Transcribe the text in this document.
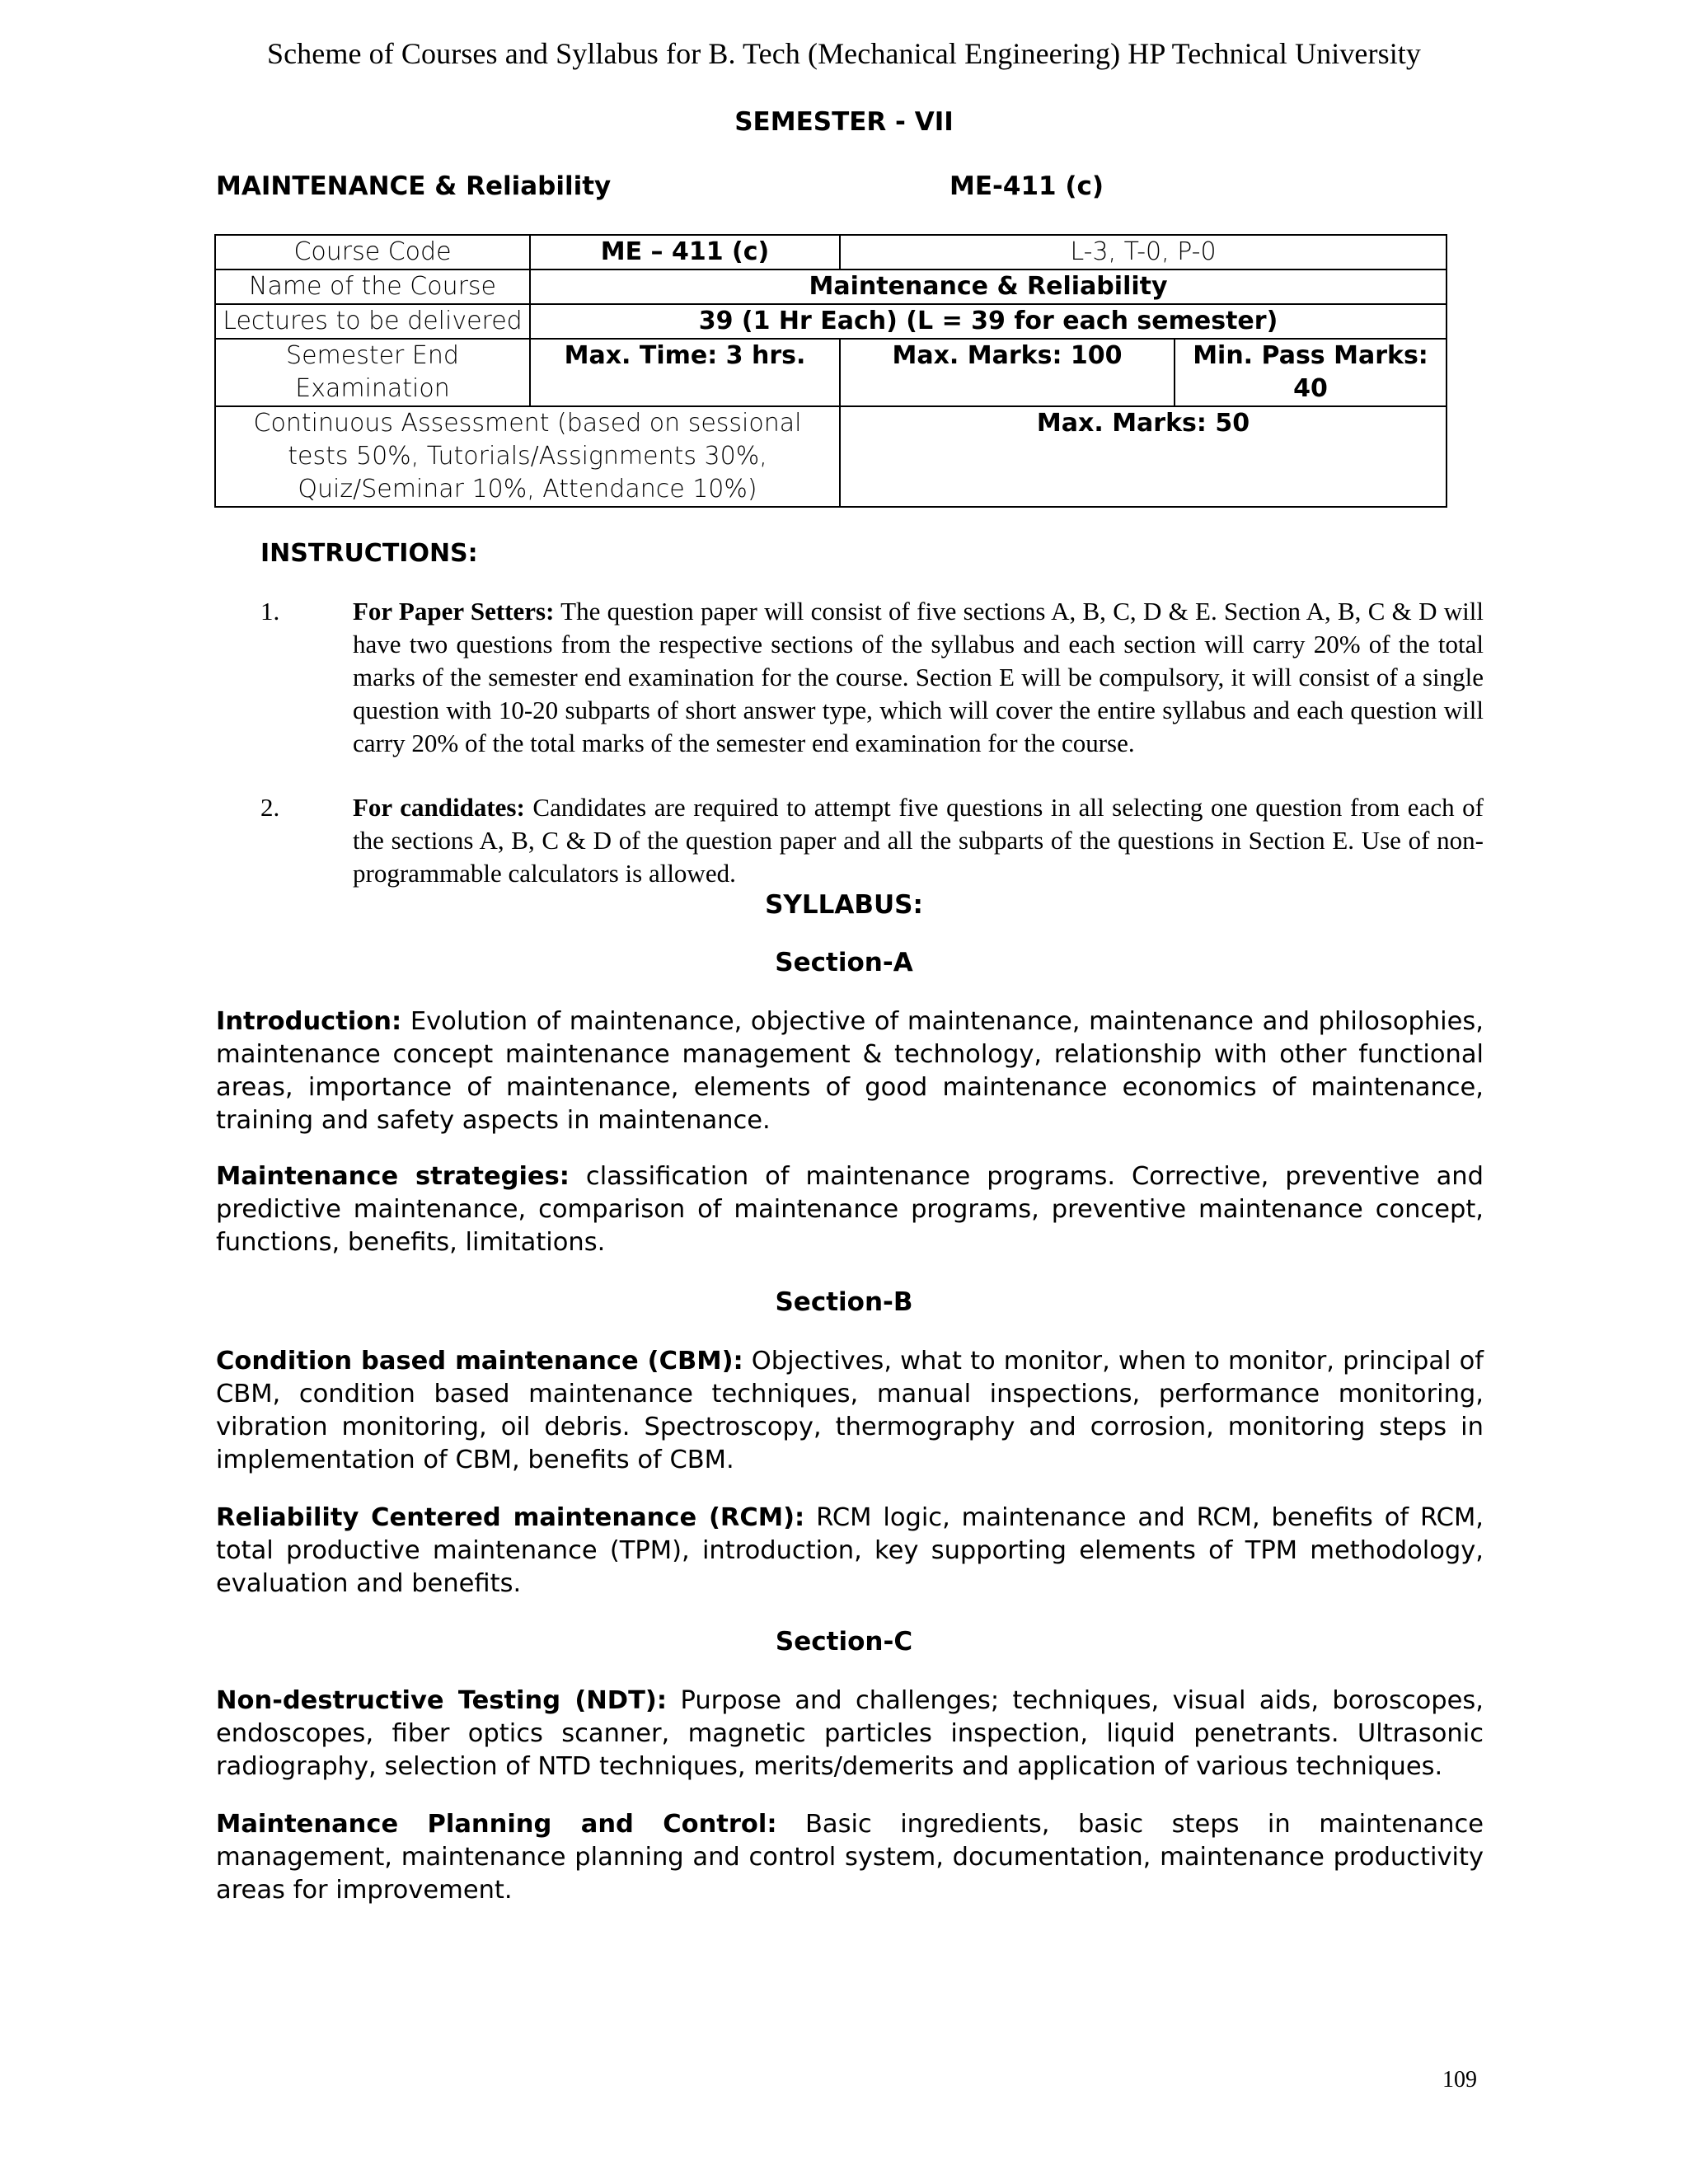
Scheme of Courses and Syllabus for B. Tech (Mechanical Engineering) HP Technical University
SEMESTER - VII
MAINTENANCE & Reliability	ME-411 (c)
Course Code	ME – 411 (c)	L-3, T-0, P-0	
Name of the Course	Maintenance & Reliability		
Lectures to be delivered	39 (1 Hr Each) (L = 39 for each semester)		
Semester End Examination	Max. Time: 3 hrs.	Max. Marks: 100	Min. Pass Marks: 40
Continuous Assessment (based on sessional tests 50%, Tutorials/Assignments 30%, Quiz/Seminar 10%, Attendance 10%)		Max. Marks: 50	
INSTRUCTIONS:
1.	For Paper Setters: The question paper will consist of five sections A, B, C, D & E. Section A, B, C & D will have two questions from the respective sections of the syllabus and each section will carry 20% of the total marks of the semester end examination for the course. Section E will be compulsory, it will consist of a single question with 10-20 subparts of short answer type, which will cover the entire syllabus and each question will carry 20% of the total marks of the semester end examination for the course.
2.	For candidates: Candidates are required to attempt five questions in all selecting one question from each of the sections A, B, C & D of the question paper and all the subparts of the questions in Section E. Use of non-programmable calculators is allowed.
SYLLABUS:
Section-A
Introduction: Evolution of maintenance, objective of maintenance, maintenance and philosophies, maintenance concept maintenance management & technology, relationship with other functional areas, importance of maintenance, elements of good maintenance economics of maintenance, training and safety aspects in maintenance.
Maintenance strategies: classification of maintenance programs. Corrective, preventive and predictive maintenance, comparison of maintenance programs, preventive maintenance concept, functions, benefits, limitations.
Section-B
Condition based maintenance (CBM): Objectives, what to monitor, when to monitor, principal of CBM, condition based maintenance techniques, manual inspections, performance monitoring, vibration monitoring, oil debris. Spectroscopy, thermography and corrosion, monitoring steps in implementation of CBM, benefits of CBM.
Reliability Centered maintenance (RCM): RCM logic, maintenance and RCM, benefits of RCM, total productive maintenance (TPM), introduction, key supporting elements of TPM methodology, evaluation and benefits.
Section-C
Non-destructive Testing (NDT): Purpose and challenges; techniques, visual aids, boroscopes, endoscopes, fiber optics scanner, magnetic particles inspection, liquid penetrants. Ultrasonic radiography, selection of NTD techniques, merits/demerits and application of various techniques.
Maintenance Planning and Control: Basic ingredients, basic steps in maintenance management, maintenance planning and control system, documentation, maintenance productivity areas for improvement.
109
